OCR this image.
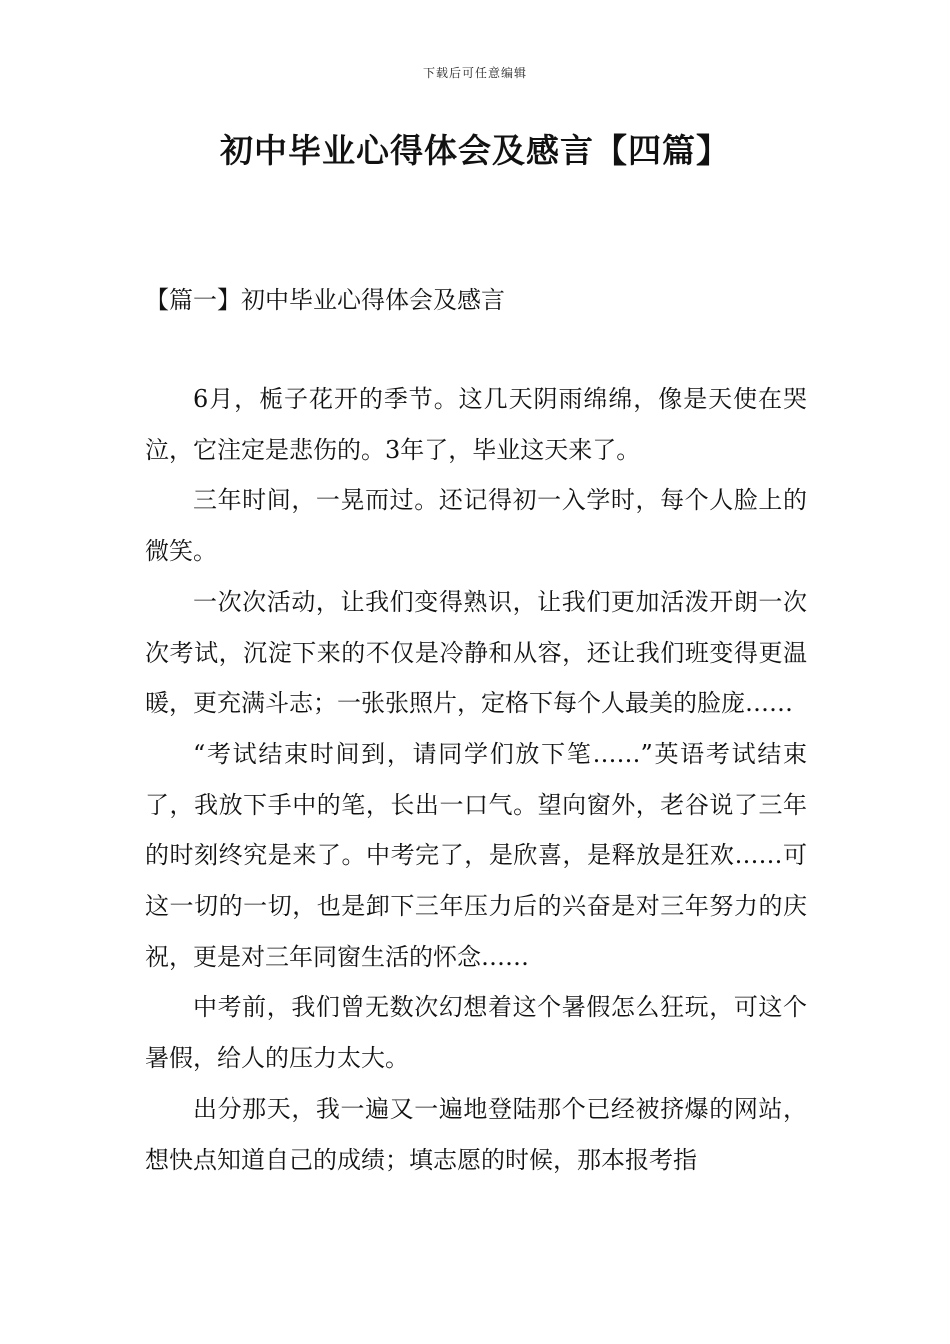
下载后可任意编辑
初中毕业心得体会及感言【四篇】
【篇一】初中毕业心得体会及感言

6月，栀子花开的季节。这几天阴雨绵绵，像是天使在哭泣，它注定是悲伤的。3年了，毕业这天来了。

三年时间，一晃而过。还记得初一入学时，每个人脸上的微笑。

一次次活动，让我们变得熟识，让我们更加活泼开朗一次次考试，沉淀下来的不仅是冷静和从容，还让我们班变得更温暖，更充满斗志；一张张照片，定格下每个人最美的脸庞……

“考试结束时间到，请同学们放下笔……”英语考试结束了，我放下手中的笔，长出一口气。望向窗外，老谷说了三年的时刻终究是来了。中考完了，是欣喜，是释放是狂欢……可这一切的一切，也是卸下三年压力后的兴奋是对三年努力的庆祝，更是对三年同窗生活的怀念……

中考前，我们曾无数次幻想着这个暑假怎么狂玩，可这个暑假，给人的压力太大。

出分那天，我一遍又一遍地登陆那个已经被挤爆的网站，想快点知道自己的成绩；填志愿的时候，那本报考指
